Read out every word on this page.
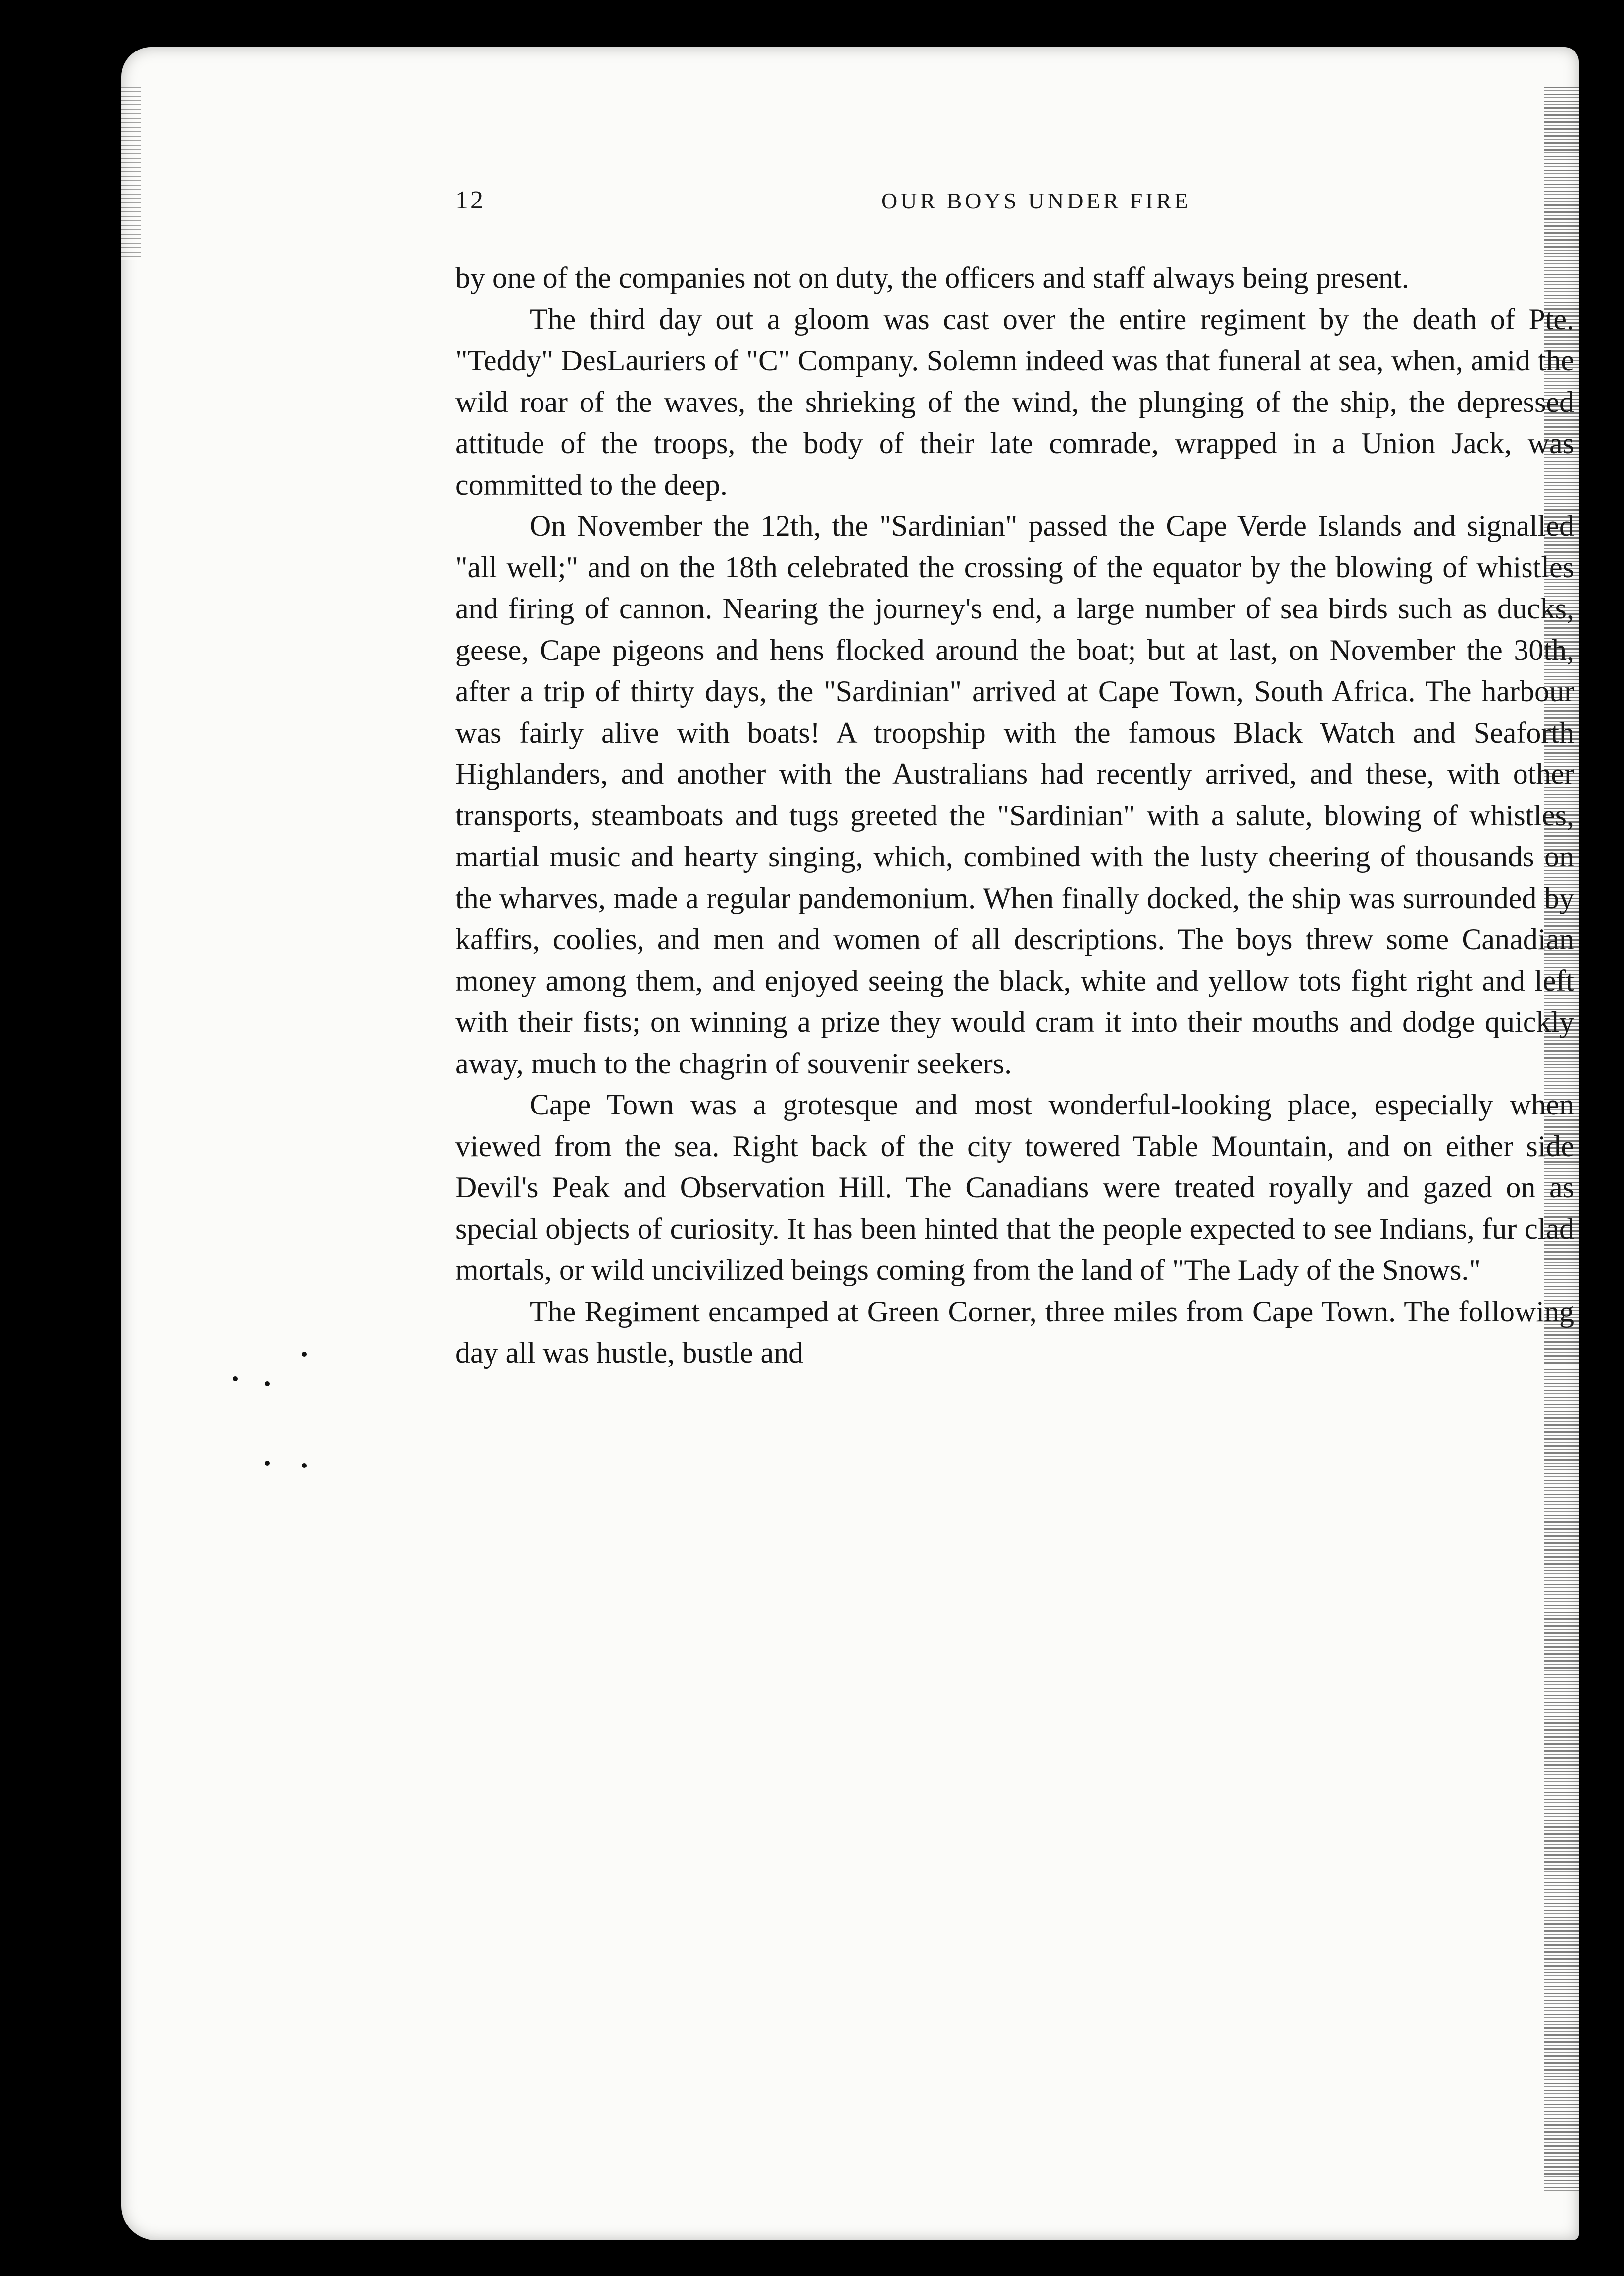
12	OUR BOYS UNDER FIRE

by one of the companies not on duty, the officers and staff always being present.

The third day out a gloom was cast over the entire regiment by the death of Pte. "Teddy" DesLauriers of "C" Company. Solemn indeed was that funeral at sea, when, amid the wild roar of the waves, the shrieking of the wind, the plunging of the ship, the depressed attitude of the troops, the body of their late comrade, wrapped in a Union Jack, was committed to the deep.

On November the 12th, the "Sardinian" passed the Cape Verde Islands and signalled "all well;" and on the 18th celebrated the crossing of the equator by the blowing of whistles and firing of cannon. Nearing the journey's end, a large number of sea birds such as ducks, geese, Cape pigeons and hens flocked around the boat; but at last, on November the 30th, after a trip of thirty days, the "Sardinian" arrived at Cape Town, South Africa. The harbour was fairly alive with boats! A troopship with the famous Black Watch and Seaforth Highlanders, and another with the Australians had recently arrived, and these, with other transports, steamboats and tugs greeted the "Sardinian" with a salute, blowing of whistles, martial music and hearty singing, which, combined with the lusty cheering of thousands on the wharves, made a regular pandemonium. When finally docked, the ship was surrounded by kaffirs, coolies, and men and women of all descriptions. The boys threw some Canadian money among them, and enjoyed seeing the black, white and yellow tots fight right and left with their fists; on winning a prize they would cram it into their mouths and dodge quickly away, much to the chagrin of souvenir seekers.

Cape Town was a grotesque and most wonderful-looking place, especially when viewed from the sea. Right back of the city towered Table Mountain, and on either side Devil's Peak and Observation Hill. The Canadians were treated royally and gazed on as special objects of curiosity. It has been hinted that the people expected to see Indians, fur clad mortals, or wild uncivilized beings coming from the land of "The Lady of the Snows."

The Regiment encamped at Green Corner, three miles from Cape Town. The following day all was hustle, bustle and
